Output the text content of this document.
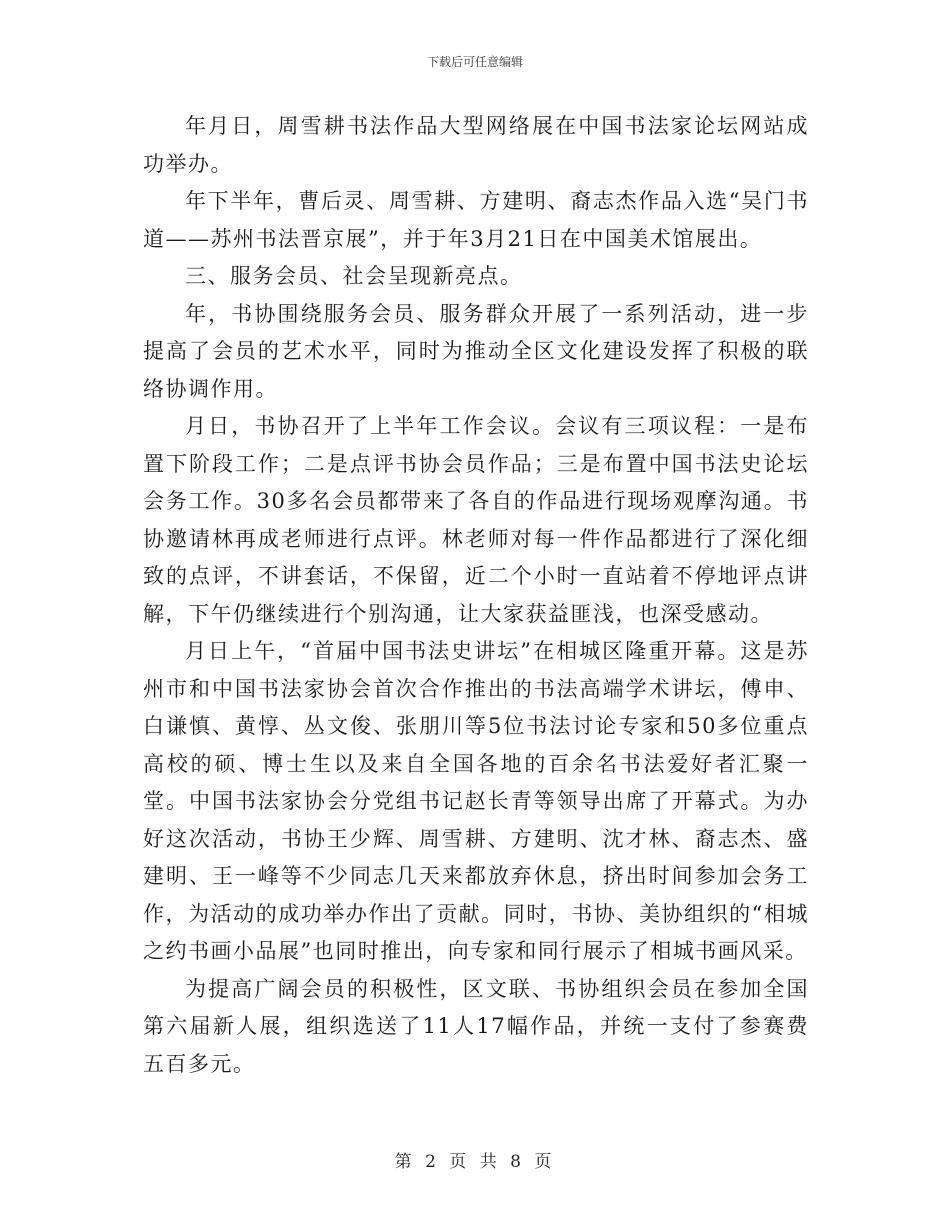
下载后可任意编辑

年月日，周雪耕书法作品大型网络展在中国书法家论坛网站成功举办。

年下半年，曹后灵、周雪耕、方建明、裔志杰作品入选“吴门书道——苏州书法晋京展”，并于年3月21日在中国美术馆展出。

三、服务会员、社会呈现新亮点。

年，书协围绕服务会员、服务群众开展了一系列活动，进一步提高了会员的艺术水平，同时为推动全区文化建设发挥了积极的联络协调作用。

月日，书协召开了上半年工作会议。会议有三项议程：一是布置下阶段工作；二是点评书协会员作品；三是布置中国书法史论坛会务工作。30多名会员都带来了各自的作品进行现场观摩沟通。书协邀请林再成老师进行点评。林老师对每一件作品都进行了深化细致的点评，不讲套话，不保留，近二个小时一直站着不停地评点讲解，下午仍继续进行个别沟通，让大家获益匪浅，也深受感动。

月日上午，“首届中国书法史讲坛”在相城区隆重开幕。这是苏州市和中国书法家协会首次合作推出的书法高端学术讲坛，傅申、白谦慎、黄惇、丛文俊、张朋川等5位书法讨论专家和50多位重点高校的硕、博士生以及来自全国各地的百余名书法爱好者汇聚一堂。中国书法家协会分党组书记赵长青等领导出席了开幕式。为办好这次活动，书协王少辉、周雪耕、方建明、沈才林、裔志杰、盛建明、王一峰等不少同志几天来都放弃休息，挤出时间参加会务工作，为活动的成功举办作出了贡献。同时，书协、美协组织的“相城之约书画小品展”也同时推出，向专家和同行展示了相城书画风采。

为提高广阔会员的积极性，区文联、书协组织会员在参加全国第六届新人展，组织选送了11人17幅作品，并统一支付了参赛费五百多元。

第 2 页 共 8 页
